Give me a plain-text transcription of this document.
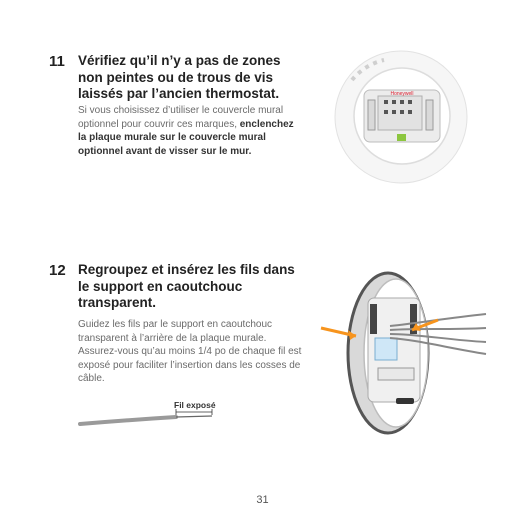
11 Vérifiez qu’il n’y a pas de zones non peintes ou de trous de vis laissés par l’ancien thermostat.

Si vous choisissez d’utiliser le couvercle mural optionnel pour couvrir ces marques, enclenchez la plaque murale sur le couvercle mural optionnel avant de visser sur le mur.

Honeywell
12 Regroupez et insérez les fils dans le support en caoutchouc transparent.

Guidez les fils par le support en caoutchouc transparent à l’arrière de la plaque murale. Assurez-vous qu’au moins 1/4 po de chaque fil est exposé pour faciliter l’insertion dans les cosses de câble.

Fil exposé
31
